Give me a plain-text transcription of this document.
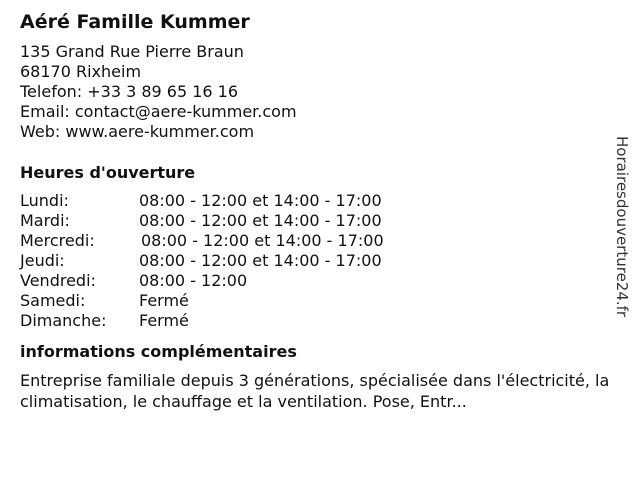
Aéré Famille Kummer
135 Grand Rue Pierre Braun
68170 Rixheim
Telefon: +33 3 89 65 16 16
Email: contact@aere-kummer.com
Web: www.aere-kummer.com
Heures d'ouverture
Lundi:	08:00 - 12:00 et 14:00 - 17:00
Mardi:	08:00 - 12:00 et 14:00 - 17:00
Mercredi:	08:00 - 12:00 et 14:00 - 17:00
Jeudi:	08:00 - 12:00 et 14:00 - 17:00
Vendredi:	08:00 - 12:00
Samedi:	Fermé
Dimanche:	Fermé
informations complémentaires
Entreprise familiale depuis 3 générations, spécialisée dans l'électricité, la climatisation, le chauffage et la ventilation. Pose, Entr...
Horairesdouverture24.fr
